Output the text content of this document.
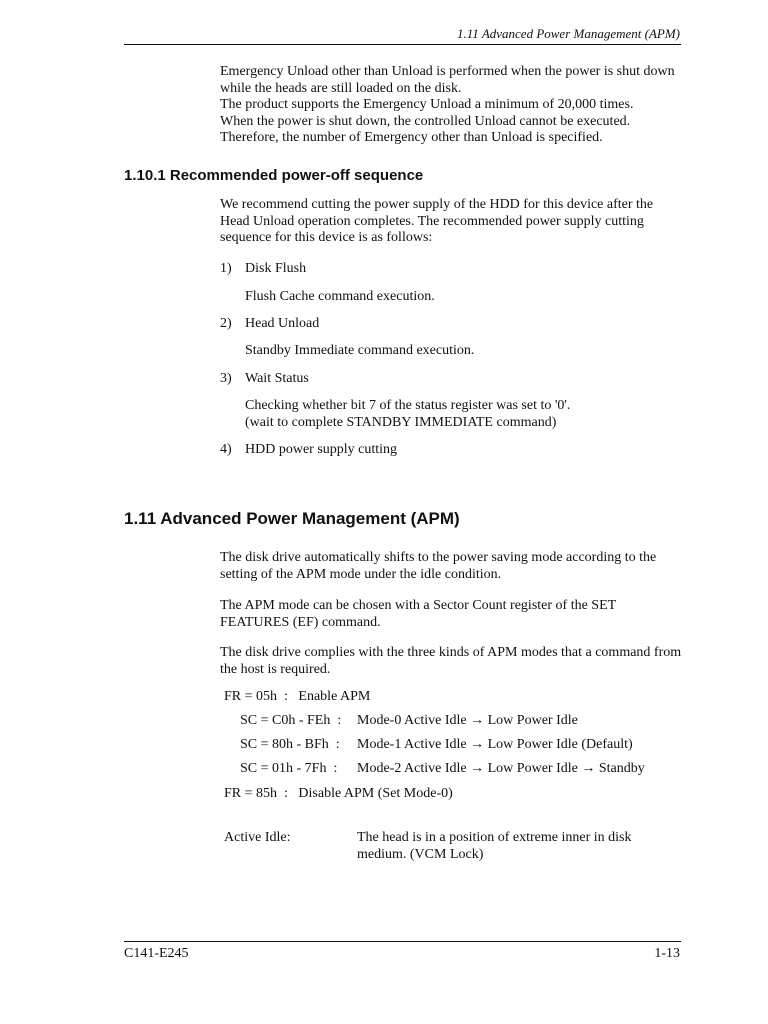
1.11 Advanced Power Management (APM)

Emergency Unload other than Unload is performed when the power is shut down

while the heads are still loaded on the disk.

The product supports the Emergency Unload a minimum of 20,000 times.

When the power is shut down, the controlled Unload cannot be executed.

Therefore, the number of Emergency other than Unload is specified.

1.10.1 Recommended power-off sequence

We recommend cutting the power supply of the HDD for this device after the

Head Unload operation completes. The recommended power supply cutting

sequence for this device is as follows:

1) Disk Flush
Flush Cache command execution.
2) Head Unload
Standby Immediate command execution.
3) Wait Status

Checking whether bit 7 of the status register was set to '0'.

(wait to complete STANDBY IMMEDIATE command)

4) HDD power supply cutting
1.11 Advanced Power Management (APM)

The disk drive automatically shifts to the power saving mode according to the

setting of the APM mode under the idle condition.

The APM mode can be chosen with a Sector Count register of the SET

FEATURES (EF) command.

The disk drive complies with the three kinds of APM modes that a command from

the host is required.

FR = 05h  :   Enable APM
SC = C0h - FEh  : Mode-0 Active Idle → Low Power Idle
SC = 80h - BFh  : Mode-1 Active Idle → Low Power Idle (Default)
SC = 01h - 7Fh  : Mode-2 Active Idle → Low Power Idle → Standby
FR = 85h  :   Disable APM (Set Mode-0)
Active Idle:	The head is in a position of extreme inner in disk

medium. (VCM Lock)

C141-E245	1-13
